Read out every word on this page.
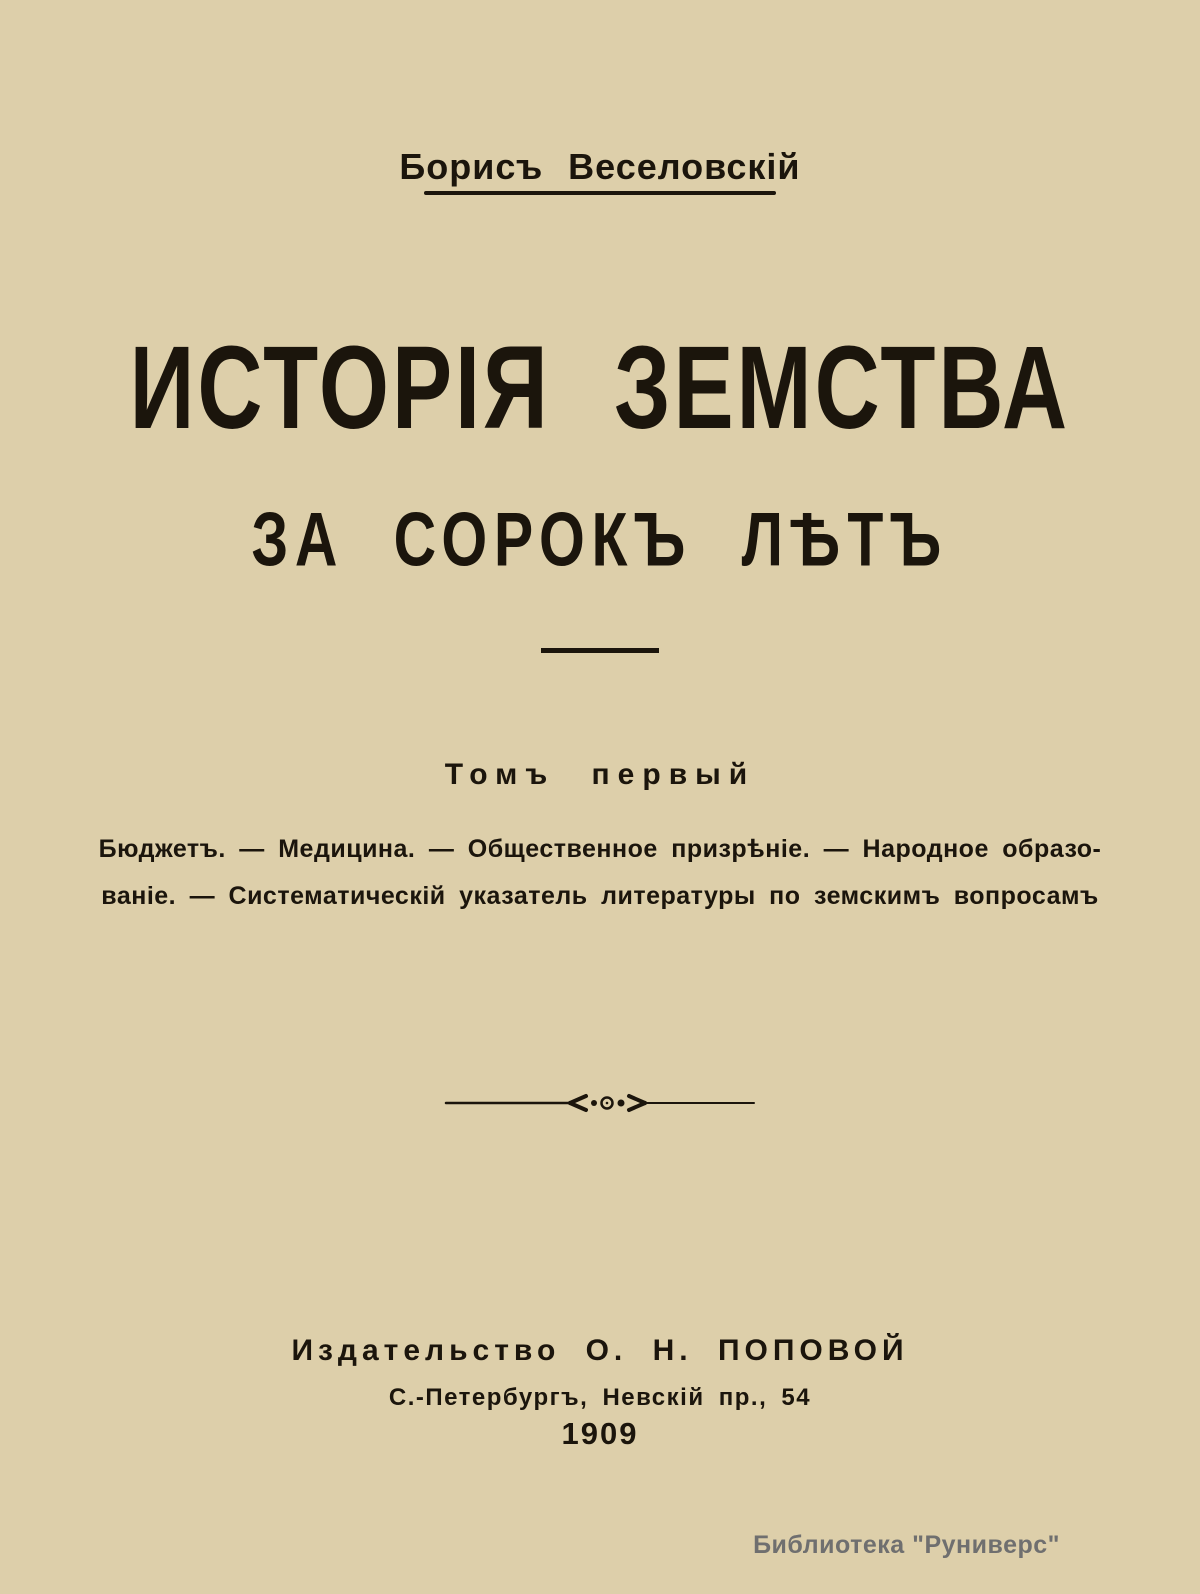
Борисъ Веселовскій
ИСТОРІЯ ЗЕМСТВА
ЗА СОРОКЪ ЛѢТЪ
Томъ первый
Бюджетъ. — Медицина. — Общественное призрѣніе. — Народное образо-
ваніе. — Систематическій указатель литературы по земскимъ вопросамъ
Издательство О. Н. ПОПОВОЙ
С.-Петербургъ, Невскій пр., 54
1909
Библиотека "Руниверс"
